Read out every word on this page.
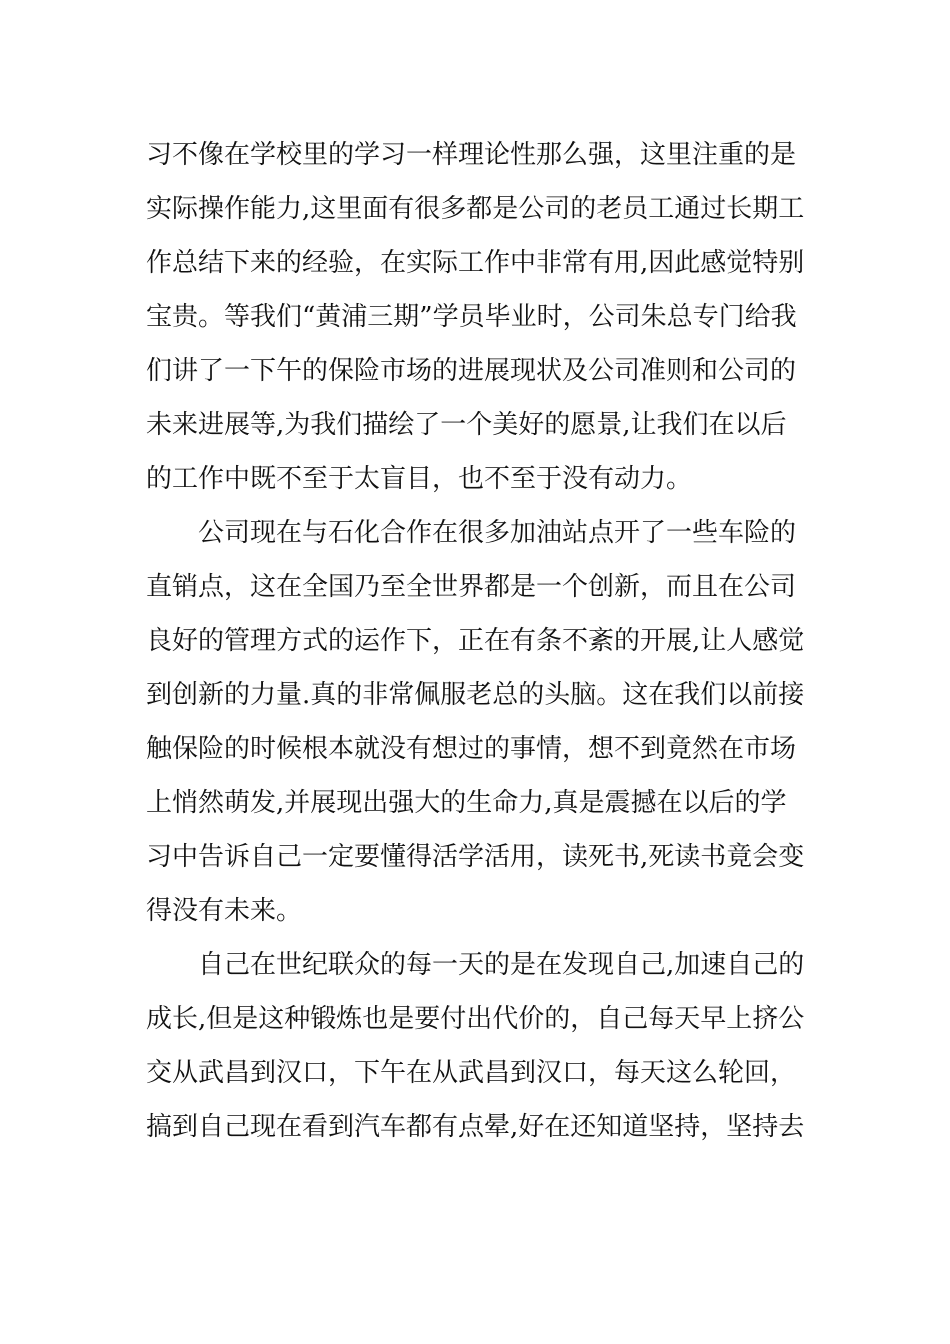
习不像在学校里的学习一样理论性那么强，这里注重的是
实际操作能力,这里面有很多都是公司的老员工通过长期工
作总结下来的经验，在实际工作中非常有用,因此感觉特别
宝贵。等我们“黄浦三期”学员毕业时，公司朱总专门给我
们讲了一下午的保险市场的进展现状及公司准则和公司的
未来进展等,为我们描绘了一个美好的愿景,让我们在以后
的工作中既不至于太盲目，也不至于没有动力。
公司现在与石化合作在很多加油站点开了一些车险的
直销点，这在全国乃至全世界都是一个创新，而且在公司
良好的管理方式的运作下，正在有条不紊的开展,让人感觉
到创新的力量.真的非常佩服老总的头脑。这在我们以前接
触保险的时候根本就没有想过的事情，想不到竟然在市场
上悄然萌发,并展现出强大的生命力,真是震撼在以后的学
习中告诉自己一定要懂得活学活用，读死书,死读书竟会变
得没有未来。
自己在世纪联众的每一天的是在发现自己,加速自己的
成长,但是这种锻炼也是要付出代价的，自己每天早上挤公
交从武昌到汉口，下午在从武昌到汉口，每天这么轮回，
搞到自己现在看到汽车都有点晕,好在还知道坚持，坚持去
